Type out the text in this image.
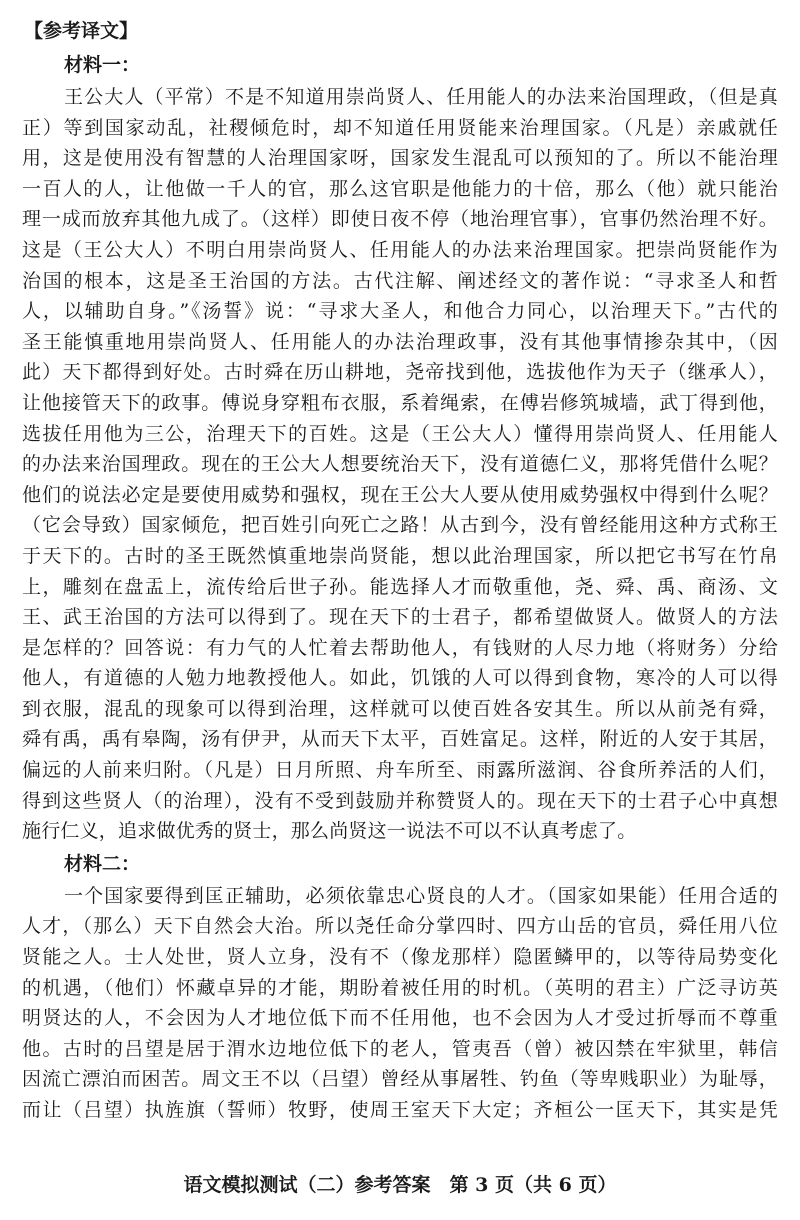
【参考译文】
材料一：
王公大人（平常）不是不知道用崇尚贤人、任用能人的办法来治国理政，（但是真
正）等到国家动乱，社稷倾危时，却不知道任用贤能来治理国家。（凡是）亲戚就任
用，这是使用没有智慧的人治理国家呀，国家发生混乱可以预知的了。所以不能治理
一百人的人，让他做一千人的官，那么这官职是他能力的十倍，那么（他）就只能治
理一成而放弃其他九成了。（这样）即使日夜不停（地治理官事），官事仍然治理不好。
这是（王公大人）不明白用崇尚贤人、任用能人的办法来治理国家。把崇尚贤能作为
治国的根本，这是圣王治国的方法。古代注解、阐述经文的著作说：“寻求圣人和哲
人，以辅助自身。”《汤誓》说：“寻求大圣人，和他合力同心，以治理天下。”古代的
圣王能慎重地用崇尚贤人、任用能人的办法治理政事，没有其他事情掺杂其中，（因
此）天下都得到好处。古时舜在历山耕地，尧帝找到他，选拔他作为天子（继承人），
让他接管天下的政事。傅说身穿粗布衣服，系着绳索，在傅岩修筑城墙，武丁得到他，
选拔任用他为三公，治理天下的百姓。这是（王公大人）懂得用崇尚贤人、任用能人
的办法来治国理政。现在的王公大人想要统治天下，没有道德仁义，那将凭借什么呢？
他们的说法必定是要使用威势和强权，现在王公大人要从使用威势强权中得到什么呢？
（它会导致）国家倾危，把百姓引向死亡之路！从古到今，没有曾经能用这种方式称王
于天下的。古时的圣王既然慎重地崇尚贤能，想以此治理国家，所以把它书写在竹帛
上，雕刻在盘盂上，流传给后世子孙。能选择人才而敬重他，尧、舜、禹、商汤、文
王、武王治国的方法可以得到了。现在天下的士君子，都希望做贤人。做贤人的方法
是怎样的？回答说：有力气的人忙着去帮助他人，有钱财的人尽力地（将财务）分给
他人，有道德的人勉力地教授他人。如此，饥饿的人可以得到食物，寒冷的人可以得
到衣服，混乱的现象可以得到治理，这样就可以使百姓各安其生。所以从前尧有舜，
舜有禹，禹有皋陶，汤有伊尹，从而天下太平，百姓富足。这样，附近的人安于其居，
偏远的人前来归附。（凡是）日月所照、舟车所至、雨露所滋润、谷食所养活的人们，
得到这些贤人（的治理），没有不受到鼓励并称赞贤人的。现在天下的士君子心中真想
施行仁义，追求做优秀的贤士，那么尚贤这一说法不可以不认真考虑了。
材料二：
一个国家要得到匡正辅助，必须依靠忠心贤良的人才。（国家如果能）任用合适的
人才，（那么）天下自然会大治。所以尧任命分掌四时、四方山岳的官员，舜任用八位
贤能之人。士人处世，贤人立身，没有不（像龙那样）隐匿鳞甲的，以等待局势变化
的机遇，（他们）怀藏卓异的才能，期盼着被任用的时机。（英明的君主）广泛寻访英
明贤达的人，不会因为人才地位低下而不任用他，也不会因为人才受过折辱而不尊重
他。古时的吕望是居于渭水边地位低下的老人，管夷吾（曾）被囚禁在牢狱里，韩信
因流亡漂泊而困苦。周文王不以（吕望）曾经从事屠牲、钓鱼（等卑贱职业）为耻辱，
而让（吕望）执旌旗（誓师）牧野，使周王室天下大定；齐桓公一匡天下，其实是凭
语文模拟测试（二）参考答案　第 3 页（共 6 页）
